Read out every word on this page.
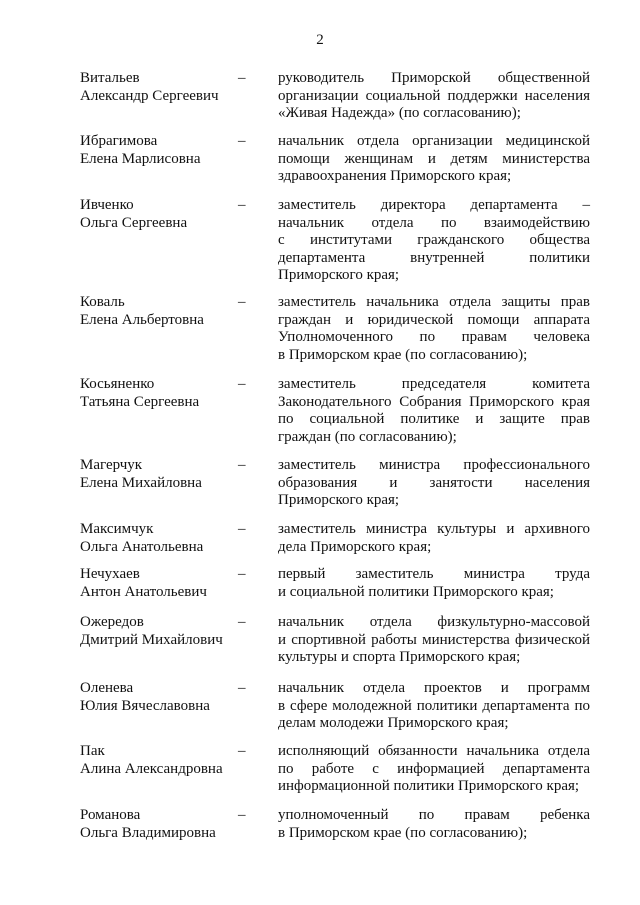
2
Витальев
Александр Сергеевич
–	руководитель Приморской общественной
организации социальной поддержки населения
«Живая Надежда» (по согласованию);
Ибрагимова
Елена Марлисовна
–	начальник отдела организации медицинской
помощи женщинам и детям министерства
здравоохранения Приморского края;
Ивченко
Ольга Сергеевна
–	заместитель директора департамента –
начальник отдела по взаимодействию
с институтами гражданского общества
департамента внутренней политики
Приморского края;
Коваль
Елена Альбертовна
–	заместитель начальника отдела защиты прав
граждан и юридической помощи аппарата
Уполномоченного по правам человека
в Приморском крае (по согласованию);
Косьяненко
Татьяна Сергеевна
–	заместитель председателя комитета
Законодательного Собрания Приморского края
по социальной политике и защите прав
граждан (по согласованию);
Магерчук
Елена Михайловна
–	заместитель министра профессионального
образования и занятости населения
Приморского края;
Максимчук
Ольга Анатольевна
–	заместитель министра культуры и архивного
дела Приморского края;
Нечухаев
Антон Анатольевич
–	первый заместитель министра труда
и социальной политики Приморского края;
Ожередов
Дмитрий Михайлович
–	начальник отдела физкультурно-массовой
и спортивной работы министерства физической
культуры и спорта Приморского края;
Оленева
Юлия Вячеславовна
–	начальник отдела проектов и программ
в сфере молодежной политики департамента по
делам молодежи Приморского края;
Пак
Алина Александровна
–	исполняющий обязанности начальника отдела
по работе с информацией департамента
информационной политики Приморского края;
Романова
Ольга Владимировна
–	уполномоченный по правам ребенка
в Приморском крае (по согласованию);
